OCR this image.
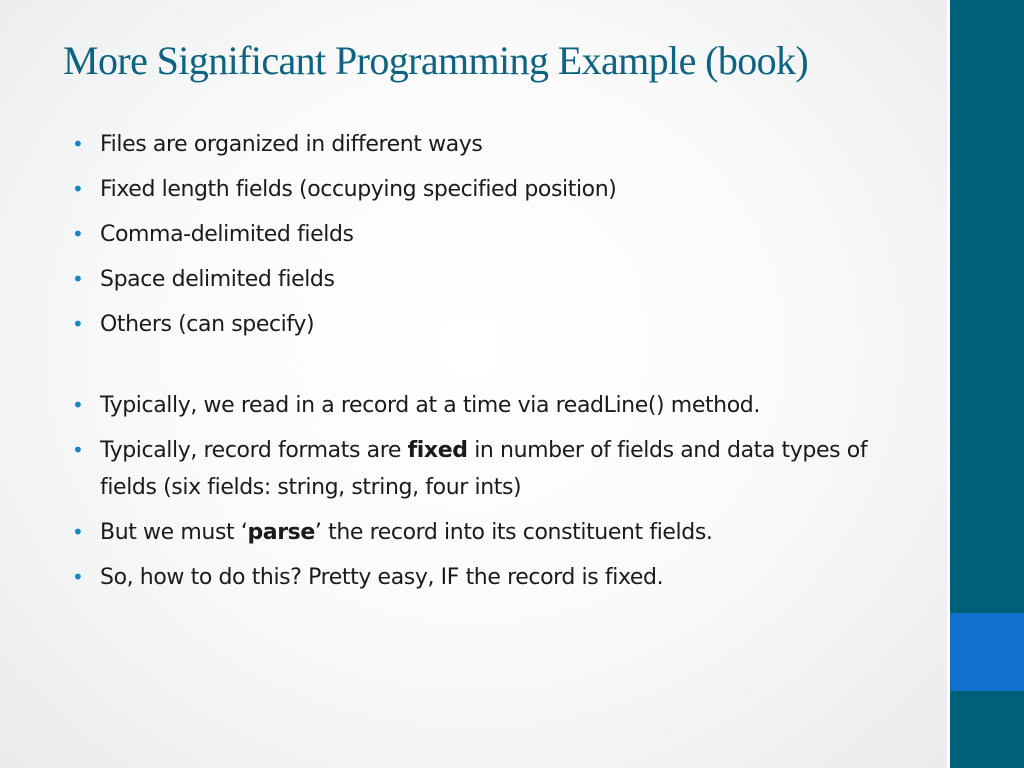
More Significant Programming Example (book)
• Files are organized in different ways
• Fixed length fields (occupying specified position)
• Comma-delimited fields
• Space delimited fields
• Others (can specify)
• Typically, we read in a record at a time via readLine() method.
• Typically, record formats are fixed in number of fields and data types of fields (six fields: string, string, four ints)
• But we must ‘parse’ the record into its constituent fields.
• So, how to do this? Pretty easy, IF the record is fixed.
